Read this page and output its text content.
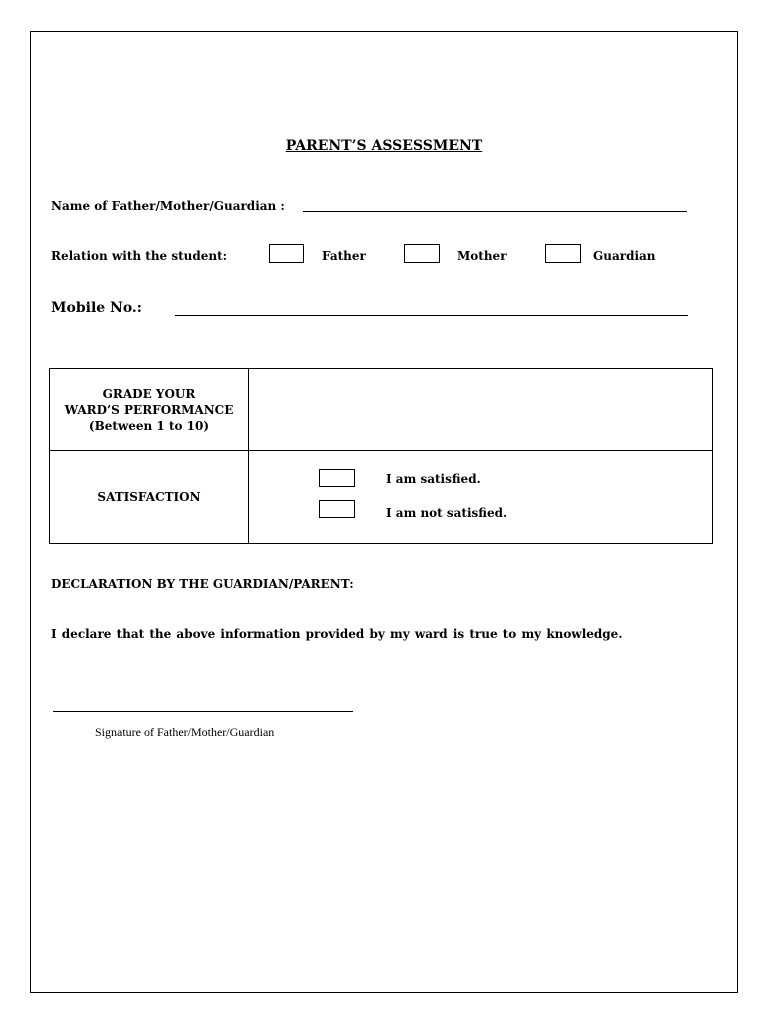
PARENT’S ASSESSMENT
Name of Father/Mother/Guardian :
Relation with the student:	Father	Mother	Guardian
Mobile No.:
GRADE YOUR
WARD’S PERFORMANCE
(Between 1 to 10)	

SATISFACTION	I am satisfied.
I am not satisfied.
DECLARATION BY THE GUARDIAN/PARENT:
I declare that the above information provided by my ward is true to my knowledge.
Signature of Father/Mother/Guardian
